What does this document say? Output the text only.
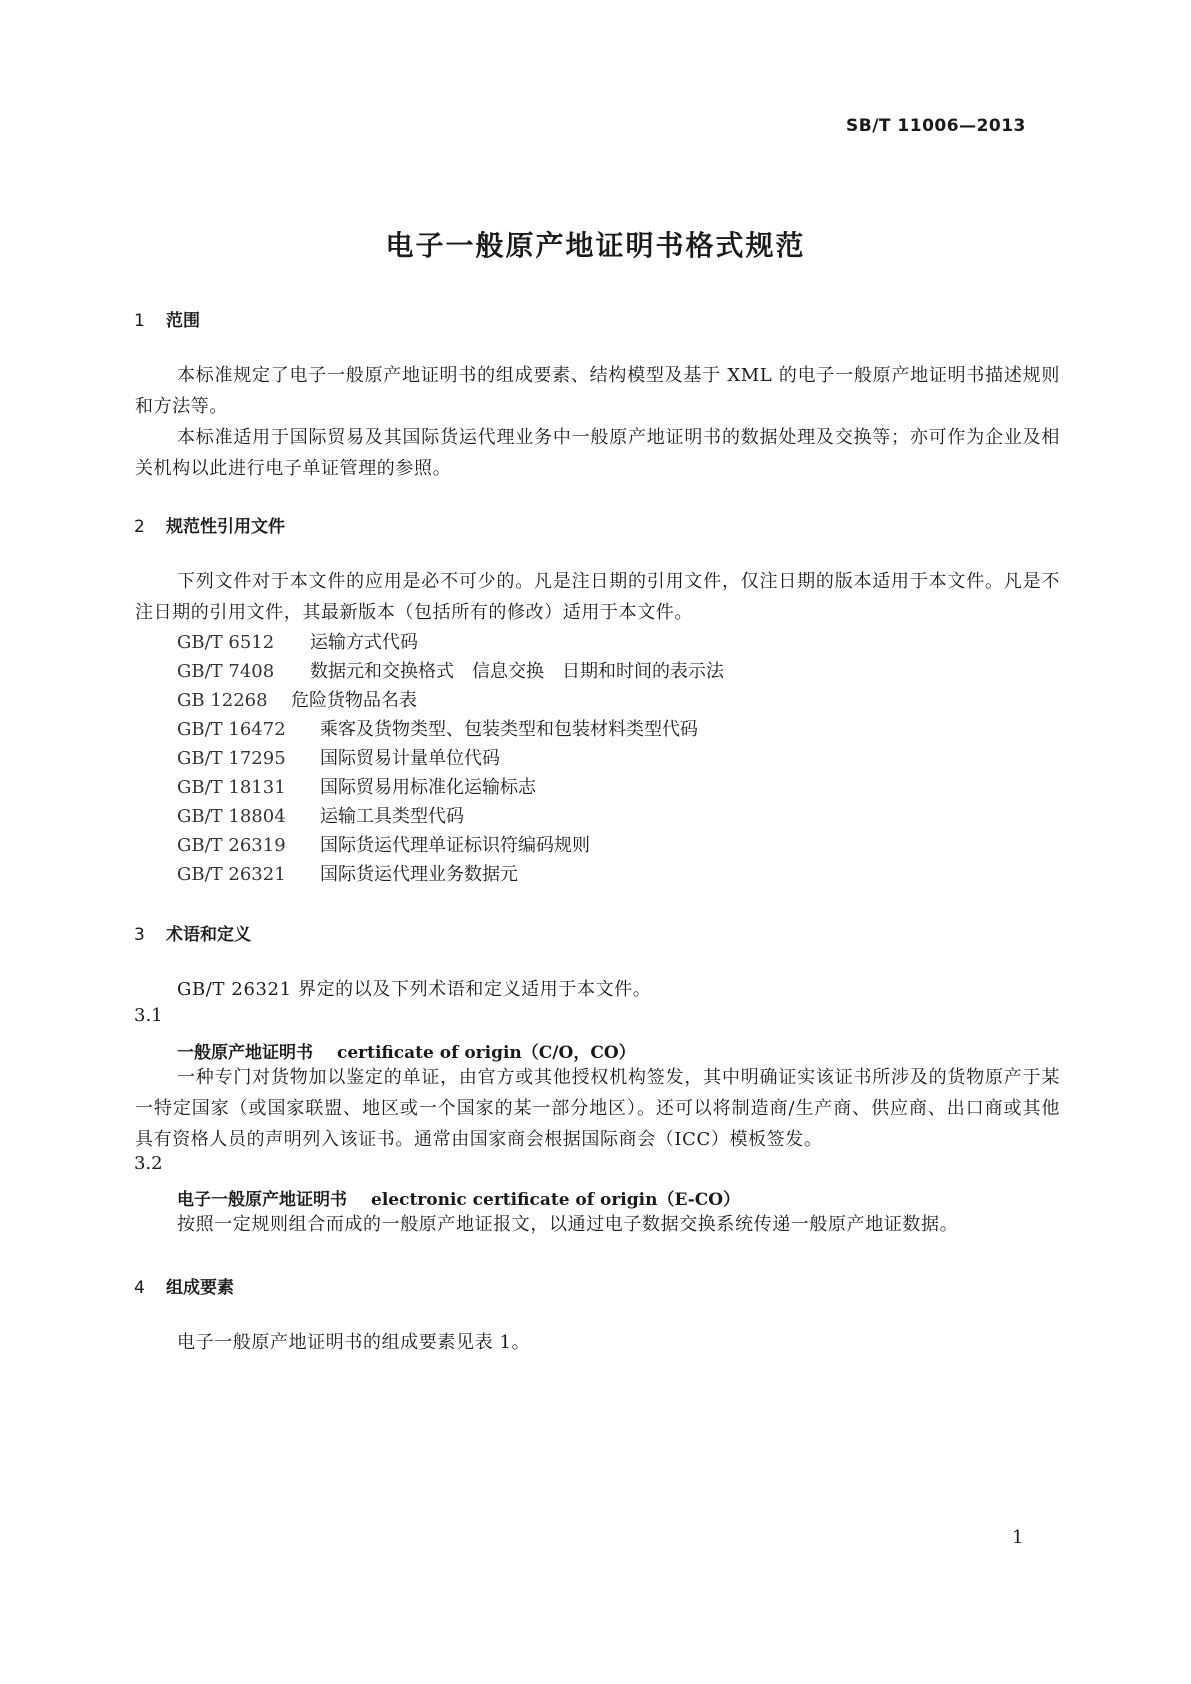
SB/T 11006—2013
电子一般原产地证明书格式规范
1 范围
本标准规定了电子一般原产地证明书的组成要素、结构模型及基于 XML 的电子一般原产地证明书描述规则和方法等。
本标准适用于国际贸易及其国际货运代理业务中一般原产地证明书的数据处理及交换等；亦可作为企业及相关机构以此进行电子单证管理的参照。
2 规范性引用文件
下列文件对于本文件的应用是必不可少的。凡是注日期的引用文件，仅注日期的版本适用于本文件。凡是不注日期的引用文件，其最新版本（包括所有的修改）适用于本文件。
GB/T 6512 运输方式代码
GB/T 7408 数据元和交换格式　信息交换　日期和时间的表示法
GB 12268 危险货物品名表
GB/T 16472 乘客及货物类型、包装类型和包装材料类型代码
GB/T 17295 国际贸易计量单位代码
GB/T 18131 国际贸易用标准化运输标志
GB/T 18804 运输工具类型代码
GB/T 26319 国际货运代理单证标识符编码规则
GB/T 26321 国际货运代理业务数据元
3 术语和定义
GB/T 26321 界定的以及下列术语和定义适用于本文件。
3.1
一般原产地证明书 certificate of origin（C/O，CO）
一种专门对货物加以鉴定的单证，由官方或其他授权机构签发，其中明确证实该证书所涉及的货物原产于某一特定国家（或国家联盟、地区或一个国家的某一部分地区）。还可以将制造商/生产商、供应商、出口商或其他具有资格人员的声明列入该证书。通常由国家商会根据国际商会（ICC）模板签发。
3.2
电子一般原产地证明书 electronic certificate of origin（E-CO）
按照一定规则组合而成的一般原产地证报文，以通过电子数据交换系统传递一般原产地证数据。
4 组成要素
电子一般原产地证明书的组成要素见表 1。
1
